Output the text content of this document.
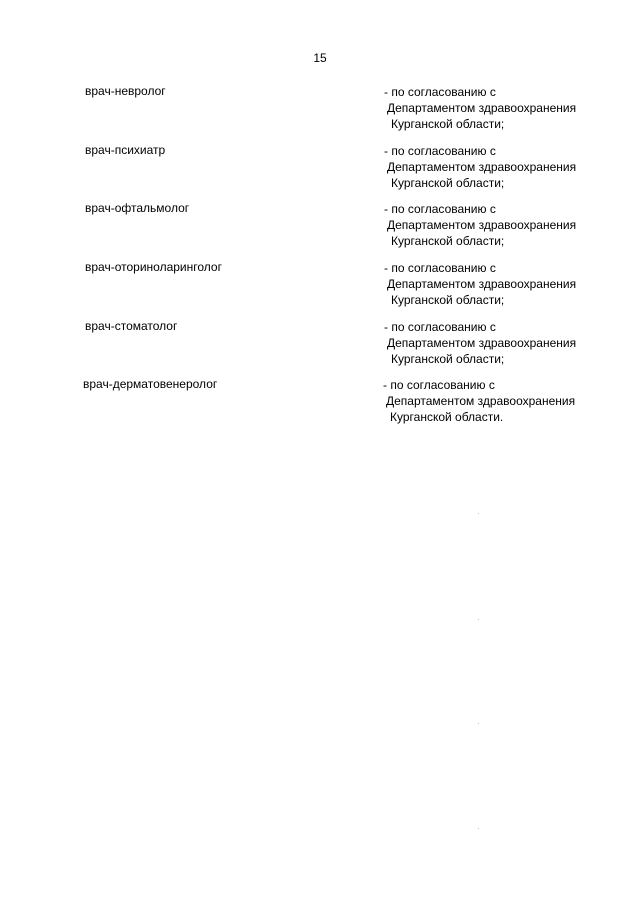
15
врач-невролог	- по согласованию с
Департаментом здравоохранения
Курганской области;
врач-психиатр	- по согласованию с
Департаментом здравоохранения
Курганской области;
врач-офтальмолог	- по согласованию с
Департаментом здравоохранения
Курганской области;
врач-оториноларинголог	- по согласованию с
Департаментом здравоохранения
Курганской области;
врач-стоматолог	- по согласованию с
Департаментом здравоохранения
Курганской области;
врач-дерматовенеролог	- по согласованию с
Департаментом здравоохранения
Курганской области.
